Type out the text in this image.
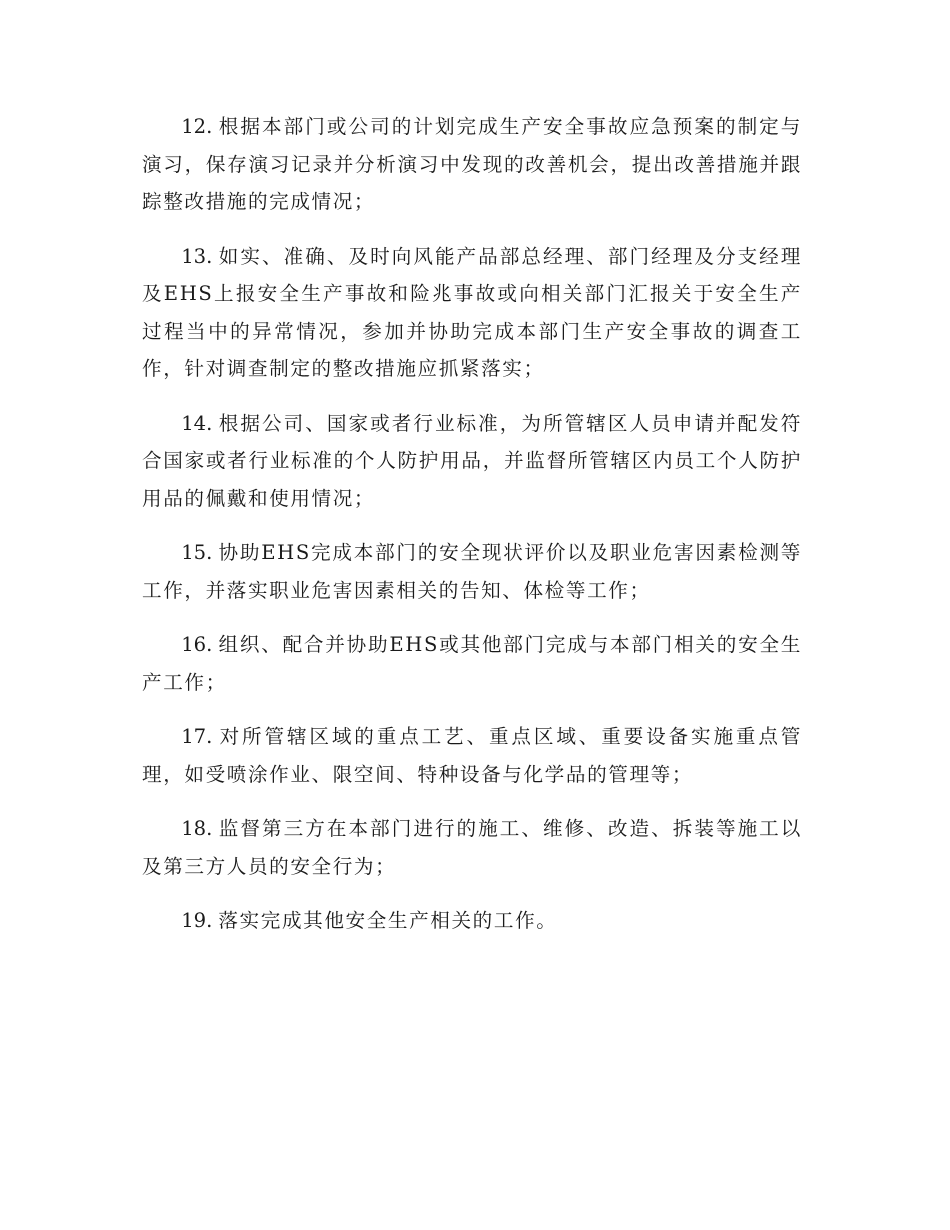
12. 根据本部门或公司的计划完成生产安全事故应急预案的制定与演习，保存演习记录并分析演习中发现的改善机会，提出改善措施并跟踪整改措施的完成情况；

13. 如实、准确、及时向风能产品部总经理、部门经理及分支经理及EHS上报安全生产事故和险兆事故或向相关部门汇报关于安全生产过程当中的异常情况，参加并协助完成本部门生产安全事故的调查工作，针对调查制定的整改措施应抓紧落实；

14. 根据公司、国家或者行业标准，为所管辖区人员申请并配发符合国家或者行业标准的个人防护用品，并监督所管辖区内员工个人防护用品的佩戴和使用情况；

15. 协助EHS完成本部门的安全现状评价以及职业危害因素检测等工作，并落实职业危害因素相关的告知、体检等工作；

16. 组织、配合并协助EHS或其他部门完成与本部门相关的安全生产工作；

17. 对所管辖区域的重点工艺、重点区域、重要设备实施重点管理，如受喷涂作业、限空间、特种设备与化学品的管理等；

18. 监督第三方在本部门进行的施工、维修、改造、拆装等施工以及第三方人员的安全行为；

19. 落实完成其他安全生产相关的工作。
